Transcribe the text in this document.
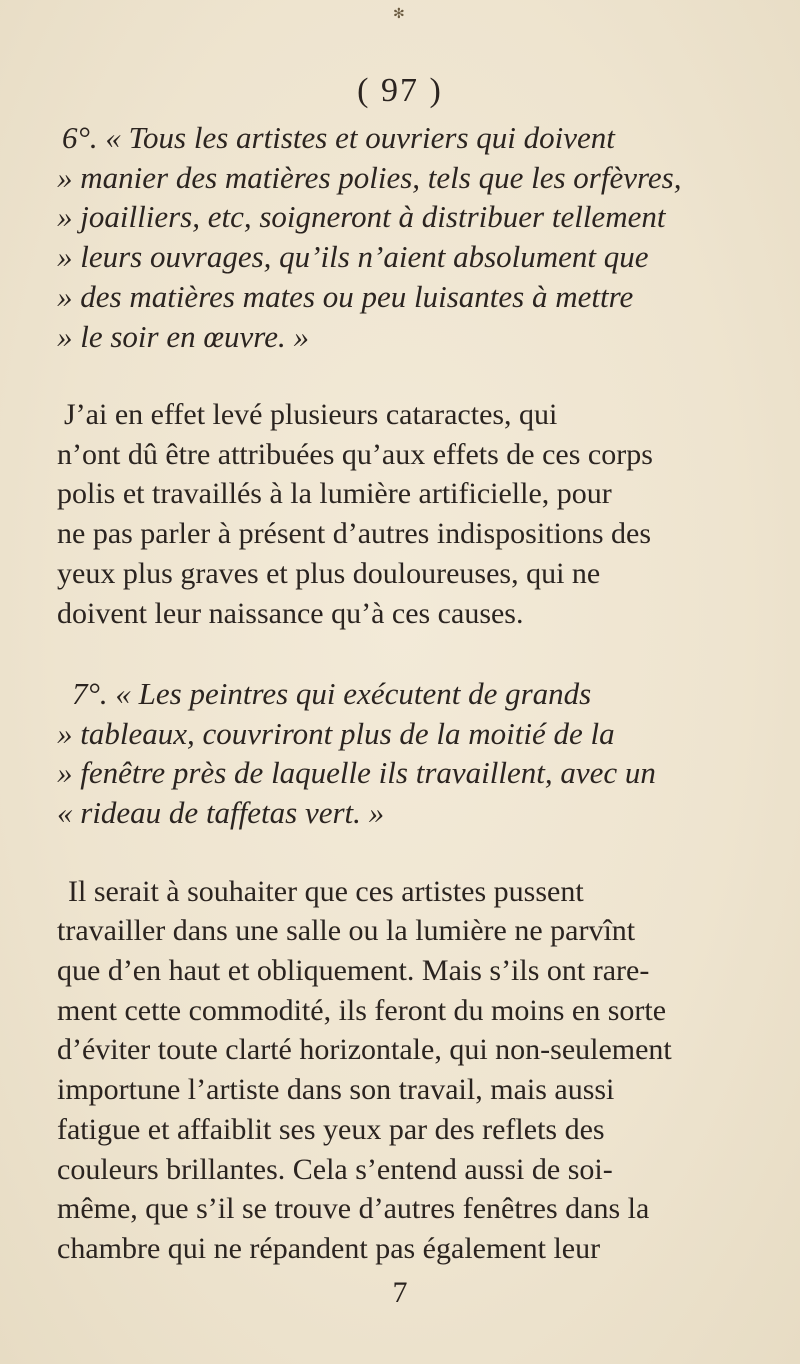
✻
( 97 )
6°. « Tous les artistes et ouvriers qui doivent
» manier des matières polies, tels que les orfèvres,
» joailliers, etc, soigneront à distribuer tellement
» leurs ouvrages, qu’ils n’aient absolument que
» des matières mates ou peu luisantes à mettre
» le soir en œuvre. »
J’ai en effet levé plusieurs cataractes, qui
n’ont dû être attribuées qu’aux effets de ces corps
polis et travaillés à la lumière artificielle, pour
ne pas parler à présent d’autres indispositions des
yeux plus graves et plus douloureuses, qui ne
doivent leur naissance qu’à ces causes.
7°. « Les peintres qui exécutent de grands
» tableaux, couvriront plus de la moitié de la
» fenêtre près de laquelle ils travaillent, avec un
« rideau de taffetas vert. »
Il serait à souhaiter que ces artistes pussent
travailler dans une salle ou la lumière ne parvînt
que d’en haut et obliquement. Mais s’ils ont rare-
ment cette commodité, ils feront du moins en sorte
d’éviter toute clarté horizontale, qui non-seulement
importune l’artiste dans son travail, mais aussi
fatigue et affaiblit ses yeux par des reflets des
couleurs brillantes. Cela s’entend aussi de soi-
même, que s’il se trouve d’autres fenêtres dans la
chambre qui ne répandent pas également leur
7
